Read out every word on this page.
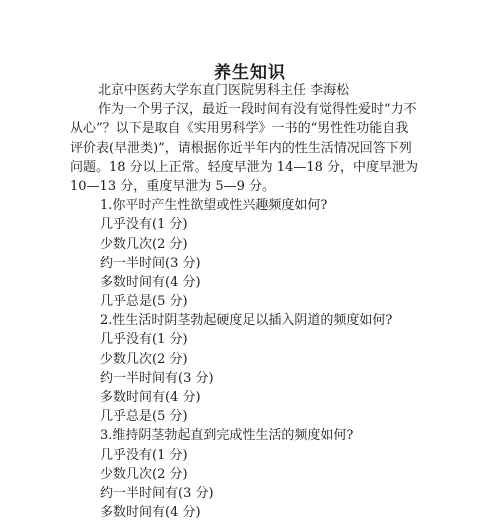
养生知识
北京中医药大学东直门医院男科主任 李海松
作为一个男子汉，最近一段时间有没有觉得性爱时“力不
从心”？以下是取自《实用男科学》一书的“男性性功能自我
评价表(早泄类)”，请根据你近半年内的性生活情况回答下列
问题。18 分以上正常。轻度早泄为 14—18 分，中度早泄为
10—13 分，重度早泄为 5—9 分。
1.你平时产生性欲望或性兴趣频度如何?
几乎没有(1 分)
少数几次(2 分)
约一半时间(3 分)
多数时间有(4 分)
几乎总是(5 分)
2.性生活时阴茎勃起硬度足以插入阴道的频度如何?
几乎没有(1 分)
少数几次(2 分)
约一半时间有(3 分)
多数时间有(4 分)
几乎总是(5 分)
3.维持阴茎勃起直到完成性生活的频度如何?
几乎没有(1 分)
少数几次(2 分)
约一半时间有(3 分)
多数时间有(4 分)
